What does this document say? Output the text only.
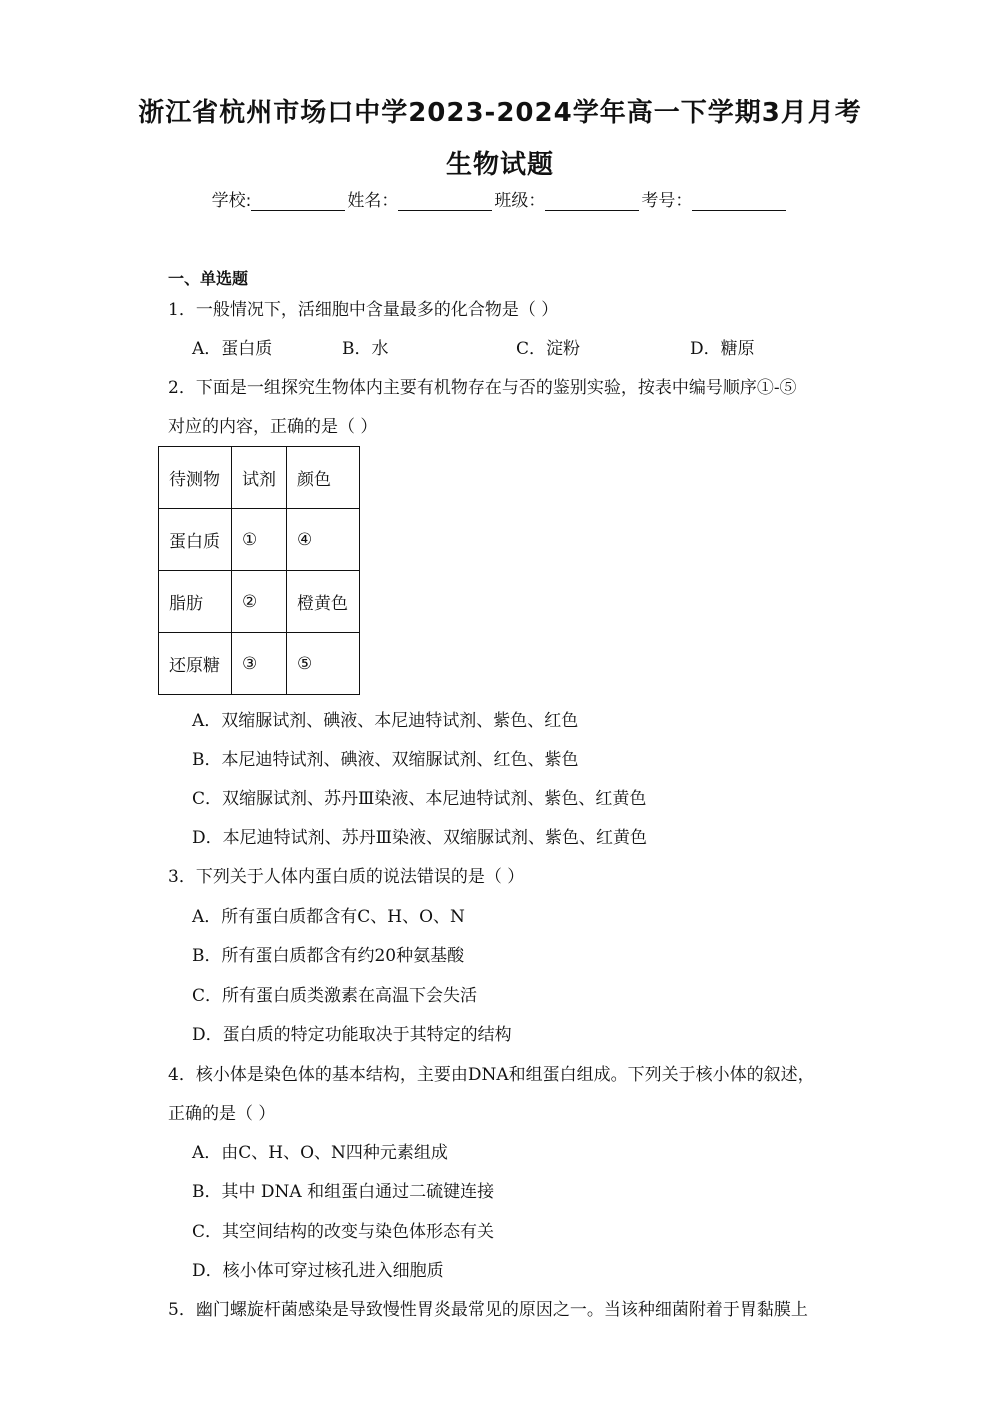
浙江省杭州市场口中学2023-2024学年高一下学期3月月考
生物试题
学校:	姓名：	班级：	考号：
一、单选题
1．一般情况下，活细胞中含量最多的化合物是（ ）
A．蛋白质	B．水	C．淀粉	D．糖原
2．下面是一组探究生物体内主要有机物存在与否的鉴别实验，按表中编号顺序①-⑤
对应的内容，正确的是（ ）
待测物	试剂	颜色
蛋白质	①	④
脂肪	②	橙黄色
还原糖	③	⑤
A．双缩脲试剂、碘液、本尼迪特试剂、紫色、红色
B．本尼迪特试剂、碘液、双缩脲试剂、红色、紫色
C．双缩脲试剂、苏丹Ⅲ染液、本尼迪特试剂、紫色、红黄色
D．本尼迪特试剂、苏丹Ⅲ染液、双缩脲试剂、紫色、红黄色
3．下列关于人体内蛋白质的说法错误的是（ ）
A．所有蛋白质都含有C、H、O、N
B．所有蛋白质都含有约20种氨基酸
C．所有蛋白质类激素在高温下会失活
D．蛋白质的特定功能取决于其特定的结构
4．核小体是染色体的基本结构，主要由DNA和组蛋白组成。下列关于核小体的叙述，
正确的是（ ）
A．由C、H、O、N四种元素组成
B．其中 DNA 和组蛋白通过二硫键连接
C．其空间结构的改变与染色体形态有关
D．核小体可穿过核孔进入细胞质
5．幽门螺旋杆菌感染是导致慢性胃炎最常见的原因之一。当该种细菌附着于胃黏膜上
